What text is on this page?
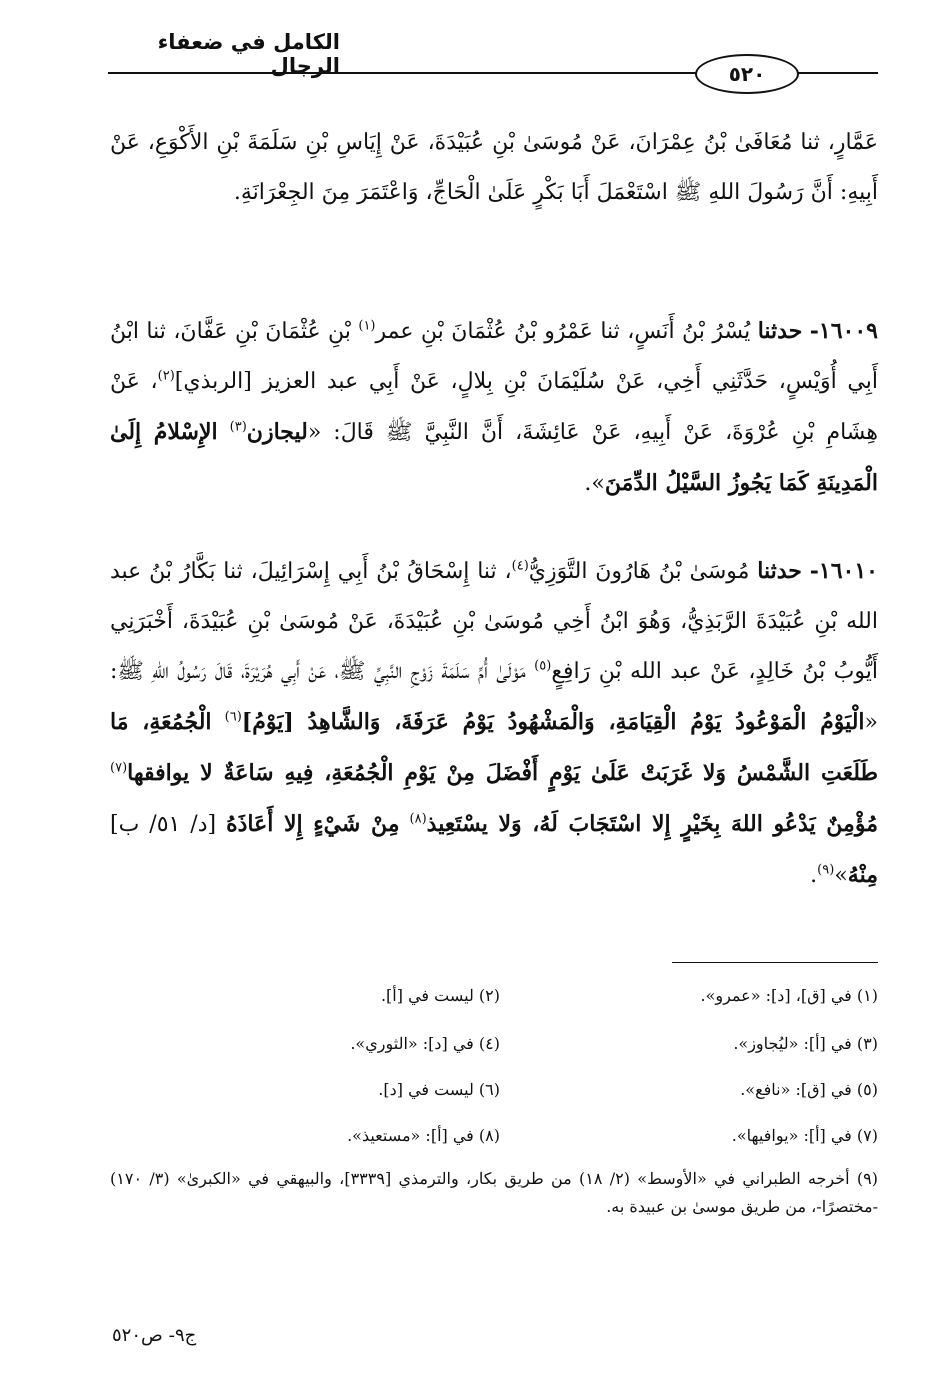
الكامل في ضعفاء الرجال	٥٢٠
عَمَّارٍ، ثنا مُعَافَىٰ بْنُ عِمْرَانَ، عَنْ مُوسَىٰ بْنِ عُبَيْدَةَ، عَنْ إِيَاسِ بْنِ سَلَمَةَ بْنِ الأَكْوَعِ، عَنْ أَبِيهِ: أَنَّ رَسُولَ اللهِ ﷺ اسْتَعْمَلَ أَبَا بَكْرٍ عَلَىٰ الْحَاجِّ، وَاعْتَمَرَ مِنَ الجِعْرَانَةِ.
١٦٠٠٩- حدثنا يُسْرُ بْنُ أَنَسٍ، ثنا عَمْرُو بْنُ عُثْمَانَ بْنِ عمر$^{(١)}$ بْنِ عُثْمَانَ بْنِ عَفَّانَ، ثنا ابْنُ أَبِي أُوَيْسٍ، حَدَّثَنِي أَخِي، عَنْ سُلَيْمَانَ بْنِ بِلالٍ، عَنْ أَبِي عبد العزيز [الربذي]$^{(٢)}$، عَنْ هِشَامِ بْنِ عُرْوَةَ، عَنْ أَبِيهِ، عَنْ عَائِشَةَ، أَنَّ النَّبِيَّ ﷺ قَالَ: «ليجازن$^{(٣)}$ الإِسْلامُ إِلَىٰ الْمَدِينَةِ كَمَا يَجُوزُ السَّيْلُ الدِّمَنَ».
١٦٠١٠- حدثنا مُوسَىٰ بْنُ هَارُونَ التَّوَزِيُّ$^{(٤)}$، ثنا إِسْحَاقُ بْنُ أَبِي إِسْرَائِيلَ، ثنا بَكَّارُ بْنُ عبد الله بْنِ عُبَيْدَةَ الرَّبَذِيُّ، وَهُوَ ابْنُ أَخِي مُوسَىٰ بْنِ عُبَيْدَةَ، عَنْ مُوسَىٰ بْنِ عُبَيْدَةَ، أَخْبَرَنِي أَيُّوبُ بْنُ خَالِدٍ، عَنْ عبد الله بْنِ رَافِعٍ$^{(٥)}$ مَوْلَىٰ أُمِّ سَلَمَةَ زَوْجِ النَّبِيِّ ﷺ، عَنْ أَبِي هُرَيْرَةَ، قَالَ رَسُولُ اللهِ ﷺ: «الْيَوْمُ الْمَوْعُودُ يَوْمُ الْقِيَامَةِ، وَالْمَشْهُودُ يَوْمُ عَرَفَةَ، وَالشَّاهِدُ [يَوْمُ]$^{(٦)}$ الْجُمُعَةِ، مَا طَلَعَتِ الشَّمْسُ وَلا غَرَبَتْ عَلَىٰ يَوْمٍ أَفْضَلَ مِنْ يَوْمِ الْجُمُعَةِ، فِيهِ سَاعَةٌ لا يوافقها$^{(٧)}$ مُؤْمِنٌ يَدْعُو اللهَ بِخَيْرٍ إِلا اسْتَجَابَ لَهُ، وَلا يسْتَعِيذ$^{(٨)}$ مِنْ شَيْءٍ إِلا أَعَاذَهُ [د/ ٥١/ ب] مِنْهُ»$^{(٩)}$.
(١) في [ق]، [د]: «عمرو».
(٢) ليست في [أ].
(٣) في [أ]: «ليُجاوز».
(٤) في [د]: «الثوري».
(٥) في [ق]: «نافع».
(٦) ليست في [د].
(٧) في [أ]: «يوافيها».
(٨) في [أ]: «مستعيذ».
(٩) أخرجه الطبراني في «الأوسط» (٢/ ١٨) من طريق بكار، والترمذي [٣٣٣٩]، والبيهقي في «الكبرىٰ» (٣/ ١٧٠) -مختصرًا-، من طريق موسىٰ بن عبيدة به.
ج٩- ص٥٢٠
